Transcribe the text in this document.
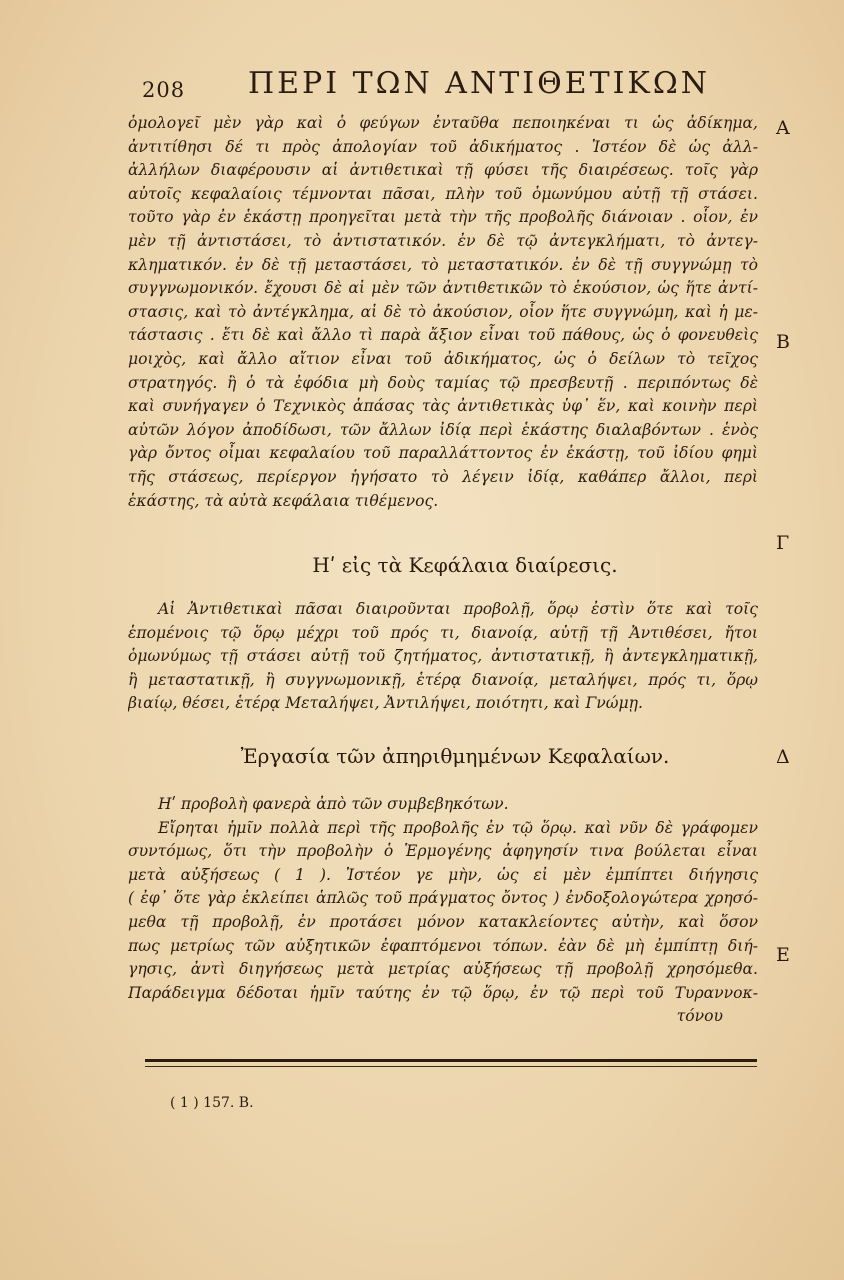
208 ΠΕΡΙ ΤΩΝ ΑΝΤΙΘΕΤΙΚΩΝ
Α
Β
Γ
Δ
Ε
ὁμολογεῖ μὲν γὰρ καὶ ὁ φεύγων ἐνταῦθα πεποιηκέναι τι ὡς ἀδίκημα,
ἀντιτίθησι δέ τι πρὸς ἀπολογίαν τοῦ ἀδικήματος . Ἰστέον δὲ ὡς ἀλλ-
ἀλλήλων διαφέρουσιν αἱ ἀντιθετικαὶ τῇ φύσει τῆς διαιρέσεως. τοῖς γὰρ
αὐτοῖς κεφαλαίοις τέμνονται πᾶσαι, πλὴν τοῦ ὁμωνύμου αὐτῇ τῇ στάσει.
τοῦτο γὰρ ἐν ἑκάστῃ προηγεῖται μετὰ τὴν τῆς προβολῆς διάνοιαν . οἷον, ἐν
μὲν τῇ ἀντιστάσει, τὸ ἀντιστατικόν. ἐν δὲ τῷ ἀντεγκλήματι, τὸ ἀντεγ-
κληματικόν. ἐν δὲ τῇ μεταστάσει, τὸ μεταστατικόν. ἐν δὲ τῇ συγγνώμῃ τὸ
συγγνωμονικόν. ἔχουσι δὲ αἱ μὲν τῶν ἀντιθετικῶν τὸ ἑκούσιον, ὡς ἥτε ἀντί-
στασις, καὶ τὸ ἀντέγκλημα, αἱ δὲ τὸ ἀκούσιον, οἷον ἥτε συγγνώμη, καὶ ἡ με-
τάστασις . ἔτι δὲ καὶ ἄλλο τὶ παρὰ ἄξιον εἶναι τοῦ πάθους, ὡς ὁ φονευθεὶς
μοιχὸς, καὶ ἄλλο αἴτιον εἶναι τοῦ ἀδικήματος, ὡς ὁ δείλων τὸ τεῖχος
στρατηγός. ἢ ὁ τὰ ἐφόδια μὴ δοὺς ταμίας τῷ πρεσβευτῇ . περιπόντως δὲ
καὶ συνήγαγεν ὁ Τεχνικὸς ἁπάσας τὰς ἀντιθετικὰς ὑφ᾽ ἕν, καὶ κοινὴν περὶ
αὐτῶν λόγον ἀποδίδωσι, τῶν ἄλλων ἰδίᾳ περὶ ἑκάστης διαλαβόντων . ἑνὸς
γὰρ ὄντος οἶμαι κεφαλαίου τοῦ παραλλάττοντος ἐν ἑκάστῃ, τοῦ ἰδίου φημὶ
τῆς στάσεως, περίεργον ἡγήσατο τὸ λέγειν ἰδίᾳ, καθάπερ ἄλλοι, περὶ
ἑκάστης, τὰ αὐτὰ κεφάλαια τιθέμενος.
Ηʹ εἰς τὰ Κεφάλαια διαίρεσις.
Αἱ Ἀντιθετικαὶ πᾶσαι διαιροῦνται προβολῇ, ὅρῳ ἐστὶν ὅτε καὶ τοῖς
ἑπομένοις τῷ ὅρῳ μέχρι τοῦ πρός τι, διανοίᾳ, αὐτῇ τῇ Ἀντιθέσει, ἤτοι
ὁμωνύμως τῇ στάσει αὐτῇ τοῦ ζητήματος, ἀντιστατικῇ, ἢ ἀντεγκληματικῇ,
ἢ μεταστατικῇ, ἢ συγγνωμονικῇ, ἑτέρᾳ διανοίᾳ, μεταλήψει, πρός τι, ὅρῳ
βιαίῳ, θέσει, ἑτέρᾳ Μεταλήψει, Ἀντιλήψει, ποιότητι, καὶ Γνώμῃ.
Ἐργασία τῶν ἀπηριθμημένων Κεφαλαίων.
Ηʹ προβολὴ φανερὰ ἀπὸ τῶν συμβεβηκότων.
Εἴρηται ἡμῖν πολλὰ περὶ τῆς προβολῆς ἐν τῷ ὅρῳ. καὶ νῦν δὲ γράφομεν
συντόμως, ὅτι τὴν προβολὴν ὁ Ἑρμογένης ἀφηγησίν τινα βούλεται εἶναι
μετὰ αὐξήσεως ( 1 ). Ἰστέον γε μὴν, ὡς εἰ μὲν ἐμπίπτει διήγησις
( ἐφ᾽ ὅτε γὰρ ἐκλείπει ἁπλῶς τοῦ πράγματος ὄντος ) ἐνδοξολογώτερα χρησό-
μεθα τῇ προβολῇ, ἐν προτάσει μόνον κατακλείοντες αὐτὴν, καὶ ὅσον
πως μετρίως τῶν αὐξητικῶν ἐφαπτόμενοι τόπων. ἐὰν δὲ μὴ ἐμπίπτῃ διή-
γησις, ἀντὶ διηγήσεως μετὰ μετρίας αὐξήσεως τῇ προβολῇ χρησόμεθα.
Παράδειγμα δέδοται ἡμῖν ταύτης ἐν τῷ ὅρῳ, ἐν τῷ περὶ τοῦ Τυραννοκ-
τόνου
( 1 ) 157. B.
